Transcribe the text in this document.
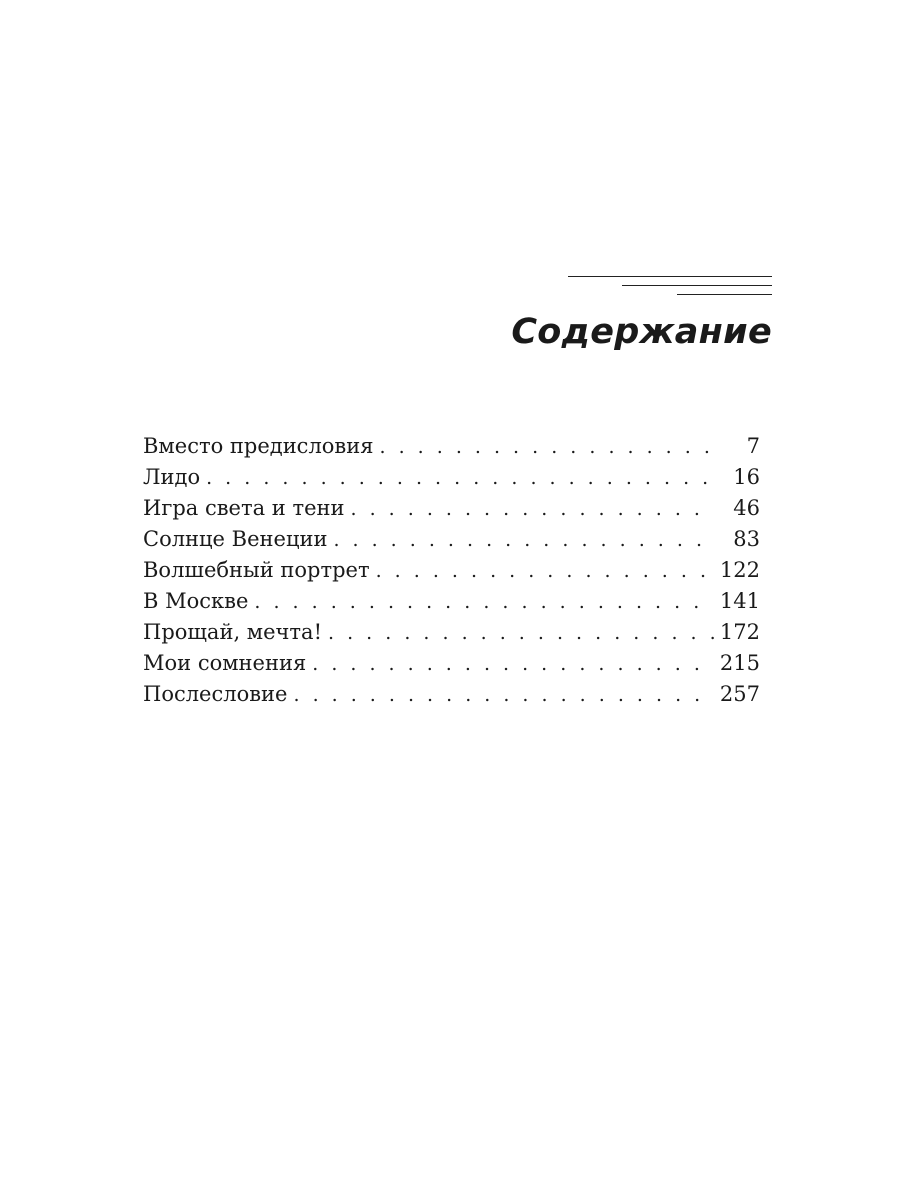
Содержание
Вместо предисловия . . .	7
Лидо . . .	16
Игра света и тени . . .	46
Солнце Венеции . . .	83
Волшебный портрет . . .	122
В Москве . . .	141
Прощай, мечта! . . .	172
Мои сомнения . . .	215
Послесловие . . .	257
